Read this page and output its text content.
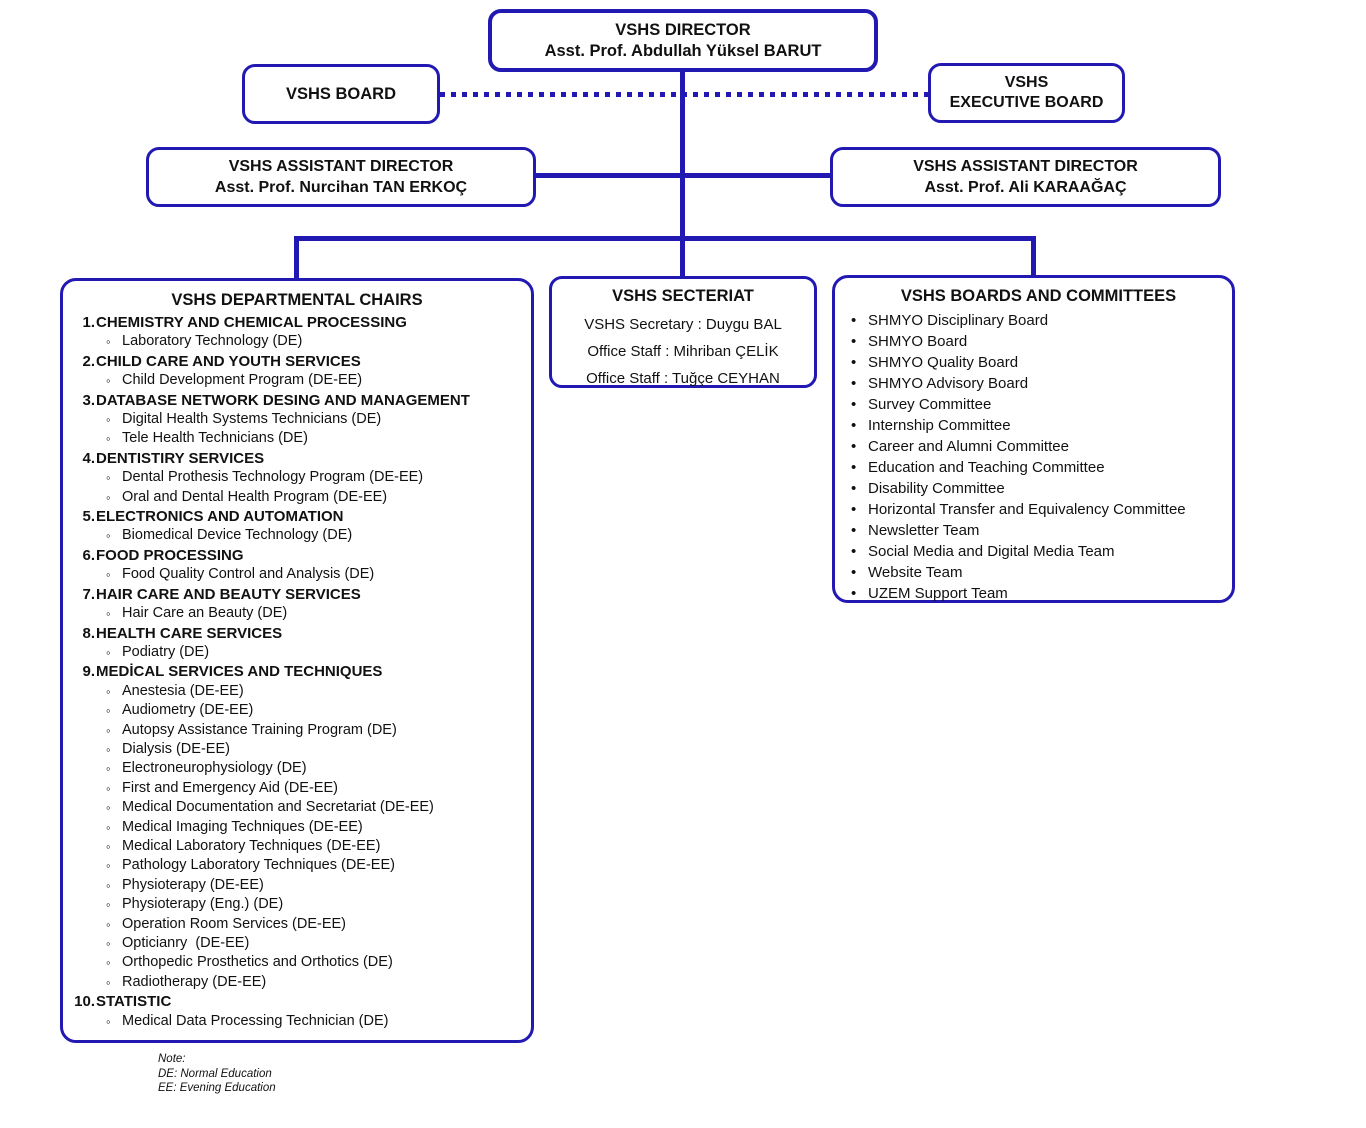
VSHS DIRECTOR
Asst. Prof. Abdullah Yüksel BARUT
VSHS BOARD
VSHS
EXECUTIVE BOARD
VSHS ASSISTANT DIRECTOR
Asst. Prof. Nurcihan TAN ERKOÇ
VSHS ASSISTANT DIRECTOR
Asst. Prof. Ali KARAAĞAÇ
VSHS DEPARTMENTAL CHAIRS
1. CHEMISTRY AND CHEMICAL PROCESSING
◦ Laboratory Technology (DE)
2. CHILD CARE AND YOUTH SERVICES
◦ Child Development Program (DE-EE)
3. DATABASE NETWORK DESING AND MANAGEMENT
◦ Digital Health Systems Technicians (DE)
◦ Tele Health Technicians (DE)
4. DENTISTIRY SERVICES
◦ Dental Prothesis Technology Program (DE-EE)
◦ Oral and Dental Health Program (DE-EE)
5. ELECTRONICS AND AUTOMATION
◦ Biomedical Device Technology (DE)
6. FOOD PROCESSING
◦ Food Quality Control and Analysis (DE)
7. HAIR CARE AND BEAUTY SERVICES
◦ Hair Care an Beauty (DE)
8. HEALTH CARE SERVICES
◦ Podiatry (DE)
9. MEDİCAL SERVICES AND TECHNIQUES
◦ Anestesia (DE-EE)
◦ Audiometry (DE-EE)
◦ Autopsy Assistance Training Program (DE)
◦ Dialysis (DE-EE)
◦ Electroneurophysiology (DE)
◦ First and Emergency Aid (DE-EE)
◦ Medical Documentation and Secretariat (DE-EE)
◦ Medical Imaging Techniques (DE-EE)
◦ Medical Laboratory Techniques (DE-EE)
◦ Pathology Laboratory Techniques (DE-EE)
◦ Physioterapy (DE-EE)
◦ Physioterapy (Eng.) (DE)
◦ Operation Room Services (DE-EE)
◦ Opticianry  (DE-EE)
◦ Orthopedic Prosthetics and Orthotics (DE)
◦ Radiotherapy (DE-EE)
10. STATISTIC
◦ Medical Data Processing Technician (DE)
VSHS SECTERIAT
VSHS Secretary : Duygu BAL
Office Staff : Mihriban ÇELİK
Office Staff : Tuğçe CEYHAN
VSHS BOARDS AND COMMITTEES
• SHMYO Disciplinary Board
• SHMYO Board
• SHMYO Quality Board
• SHMYO Advisory Board
• Survey Committee
• Internship Committee
• Career and Alumni Committee
• Education and Teaching Committee
• Disability Committee
• Horizontal Transfer and Equivalency Committee
• Newsletter Team
• Social Media and Digital Media Team
• Website Team
• UZEM Support Team
Note:
DE: Normal Education
EE: Evening Education
